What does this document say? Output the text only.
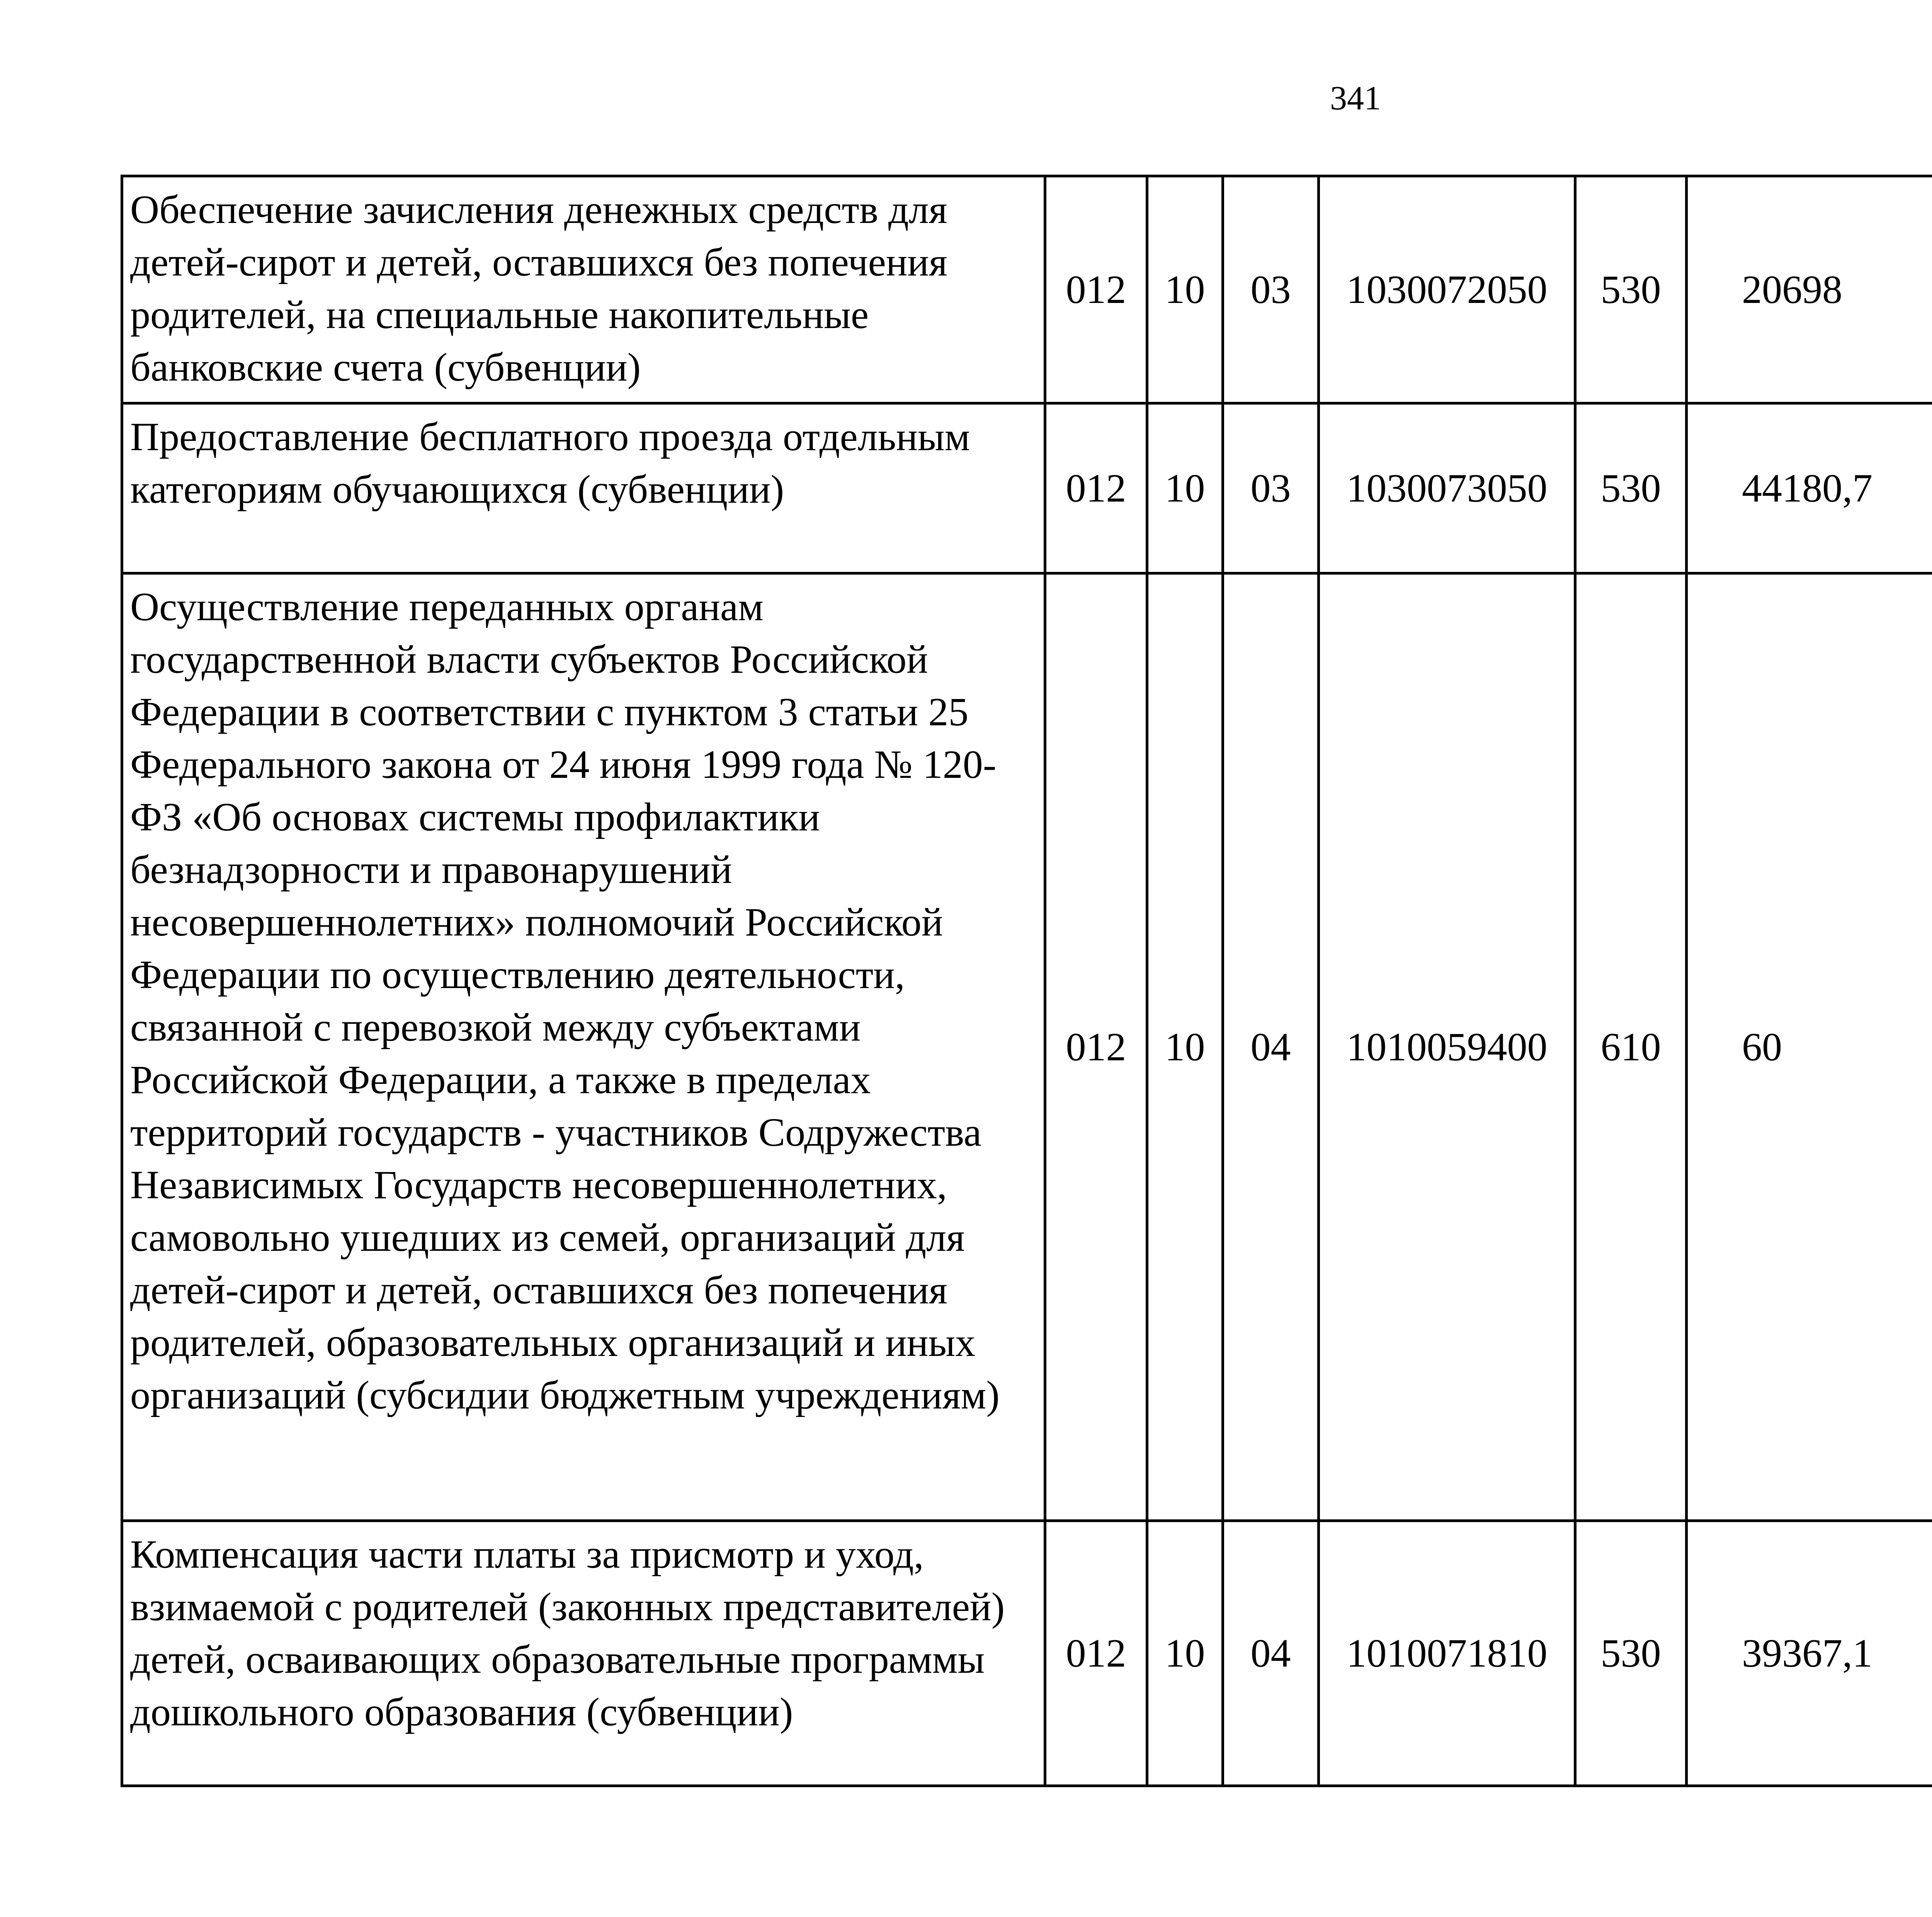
341
Обеспечение зачисления денежных средств для детей-сирот и детей, оставшихся без попечения родителей, на специальные накопительные банковские счета (субвенции)	012	10	03	1030072050	530	20698		
Предоставление бесплатного проезда отдельным категориям обучающихся (субвенции)	012	10	03	1030073050	530	44180,7		
Осуществление переданных органам государственной власти субъектов Российской Федерации в соответствии с пунктом 3 статьи 25 Федерального закона от 24 июня 1999 года № 120-ФЗ «Об основах системы профилактики безнадзорности и правонарушений несовершеннолетних» полномочий Российской Федерации по осуществлению деятельности, связанной с перевозкой между субъектами Российской Федерации, а также в пределах территорий государств - участников Содружества Независимых Государств несовершеннолетних, самовольно ушедших из семей, организаций для детей-сирот и детей, оставшихся без попечения родителей, образовательных организаций и иных организаций (субсидии бюджетным учреждениям)	012	10	04	1010059400	610	60		
Компенсация части платы за присмотр и уход, взимаемой с родителей (законных представителей) детей, осваивающих образовательные программы дошкольного образования (субвенции)	012	10	04	1010071810	530	39367,1		
